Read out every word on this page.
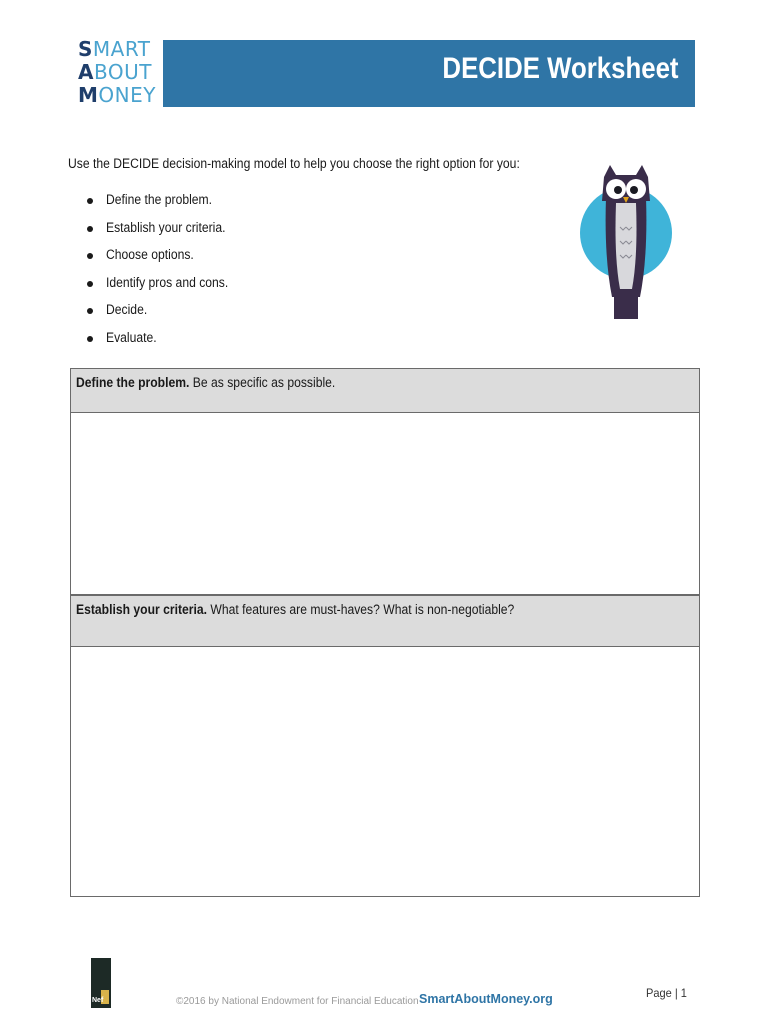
SMART
ABOUT
MONEY
DECIDE Worksheet
Use the DECIDE decision-making model to help you choose the right option for you:
Define the problem.
Establish your criteria.
Choose options.
Identify pros and cons.
Decide.
Evaluate.
Define the problem. Be as specific as possible.
Establish your criteria. What features are must-haves? What is non-negotiable?
Nef	©2016 by National Endowment for Financial Education SmartAboutMoney.org	Page | 1
